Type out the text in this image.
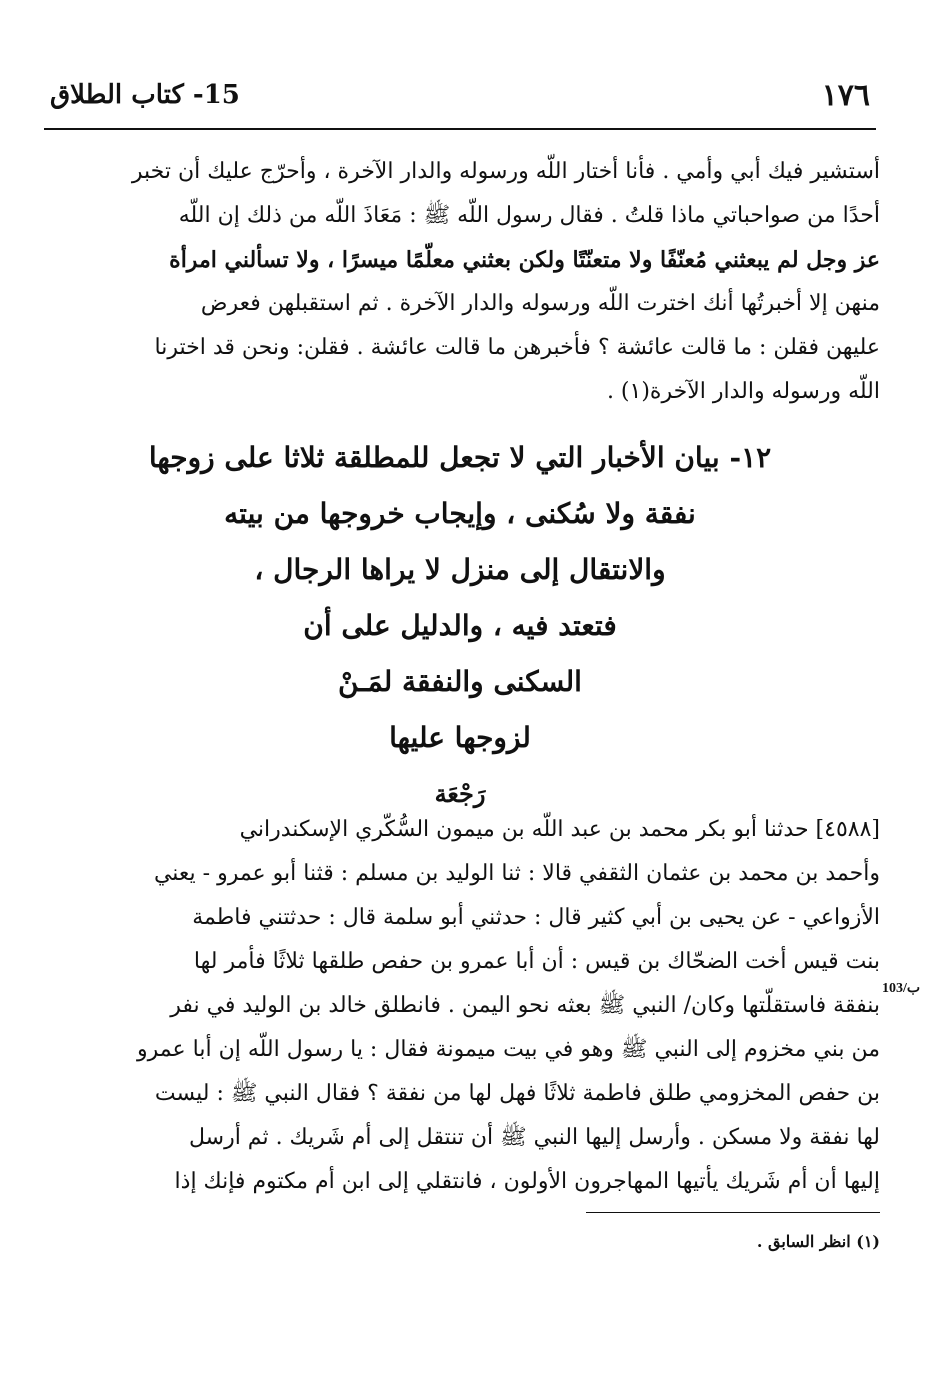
١٧٦
15- كتاب الطلاق
أستشير فيك أبي وأمي . فأنا أختار اللّه ورسوله والدار الآخرة ، وأحرّج عليك أن تخبر
أحدًا من صواحباتي ماذا قلتُ . فقال رسول اللّه ﷺ : مَعَاذَ اللّه من ذلك إن اللّه
عز وجل لم يبعثني مُعنّفًا ولا متعنّتًا ولكن بعثني معلّمًا ميسرًا ، ولا تسألني امرأة
منهن إلا أخبرتُها أنك اخترت اللّه ورسوله والدار الآخرة . ثم استقبلهن فعرض
عليهن فقلن : ما قالت عائشة ؟ فأخبرهن ما قالت عائشة . فقلن: ونحن قد اخترنا
اللّه ورسوله والدار الآخرة(١) .
١٢- بيان الأخبار التي لا تجعل للمطلقة ثلاثا على زوجها
نفقة ولا سُكنى ، وإيجاب خروجها من بيته
والانتقال إلى منزل لا يراها الرجال ،
فتعتد فيه ، والدليل على أن
السكنى والنفقة لمَـنْ
لزوجها عليها
رَجْعَة
[٤٥٨٨] حدثنا أبو بكر محمد بن عبد اللّه بن ميمون السُّكّري الإسكندراني
وأحمد بن محمد بن عثمان الثقفي قالا : ثنا الوليد بن مسلم : قثنا أبو عمرو - يعني
الأزواعي - عن يحيى بن أبي كثير قال : حدثني أبو سلمة قال : حدثتني فاطمة
بنت قيس أخت الضحّاك بن قيس : أن أبا عمرو بن حفص طلقها ثلاثًا فأمر لها
بنفقة فاستقلّتها وكان/ النبي ﷺ بعثه نحو اليمن . فانطلق خالد بن الوليد في نفر
من بني مخزوم إلى النبي ﷺ وهو في بيت ميمونة فقال : يا رسول اللّه إن أبا عمرو
بن حفص المخزومي طلق فاطمة ثلاثًا فهل لها من نفقة ؟ فقال النبي ﷺ : ليست
لها نفقة ولا مسكن . وأرسل إليها النبي ﷺ أن تنتقل إلى أم شَريك . ثم أرسل
إليها أن أم شَريك يأتيها المهاجرون الأولون ، فانتقلي إلى ابن أم مكتوم فإنك إذا
103/ب
(١) انظر السابق .
